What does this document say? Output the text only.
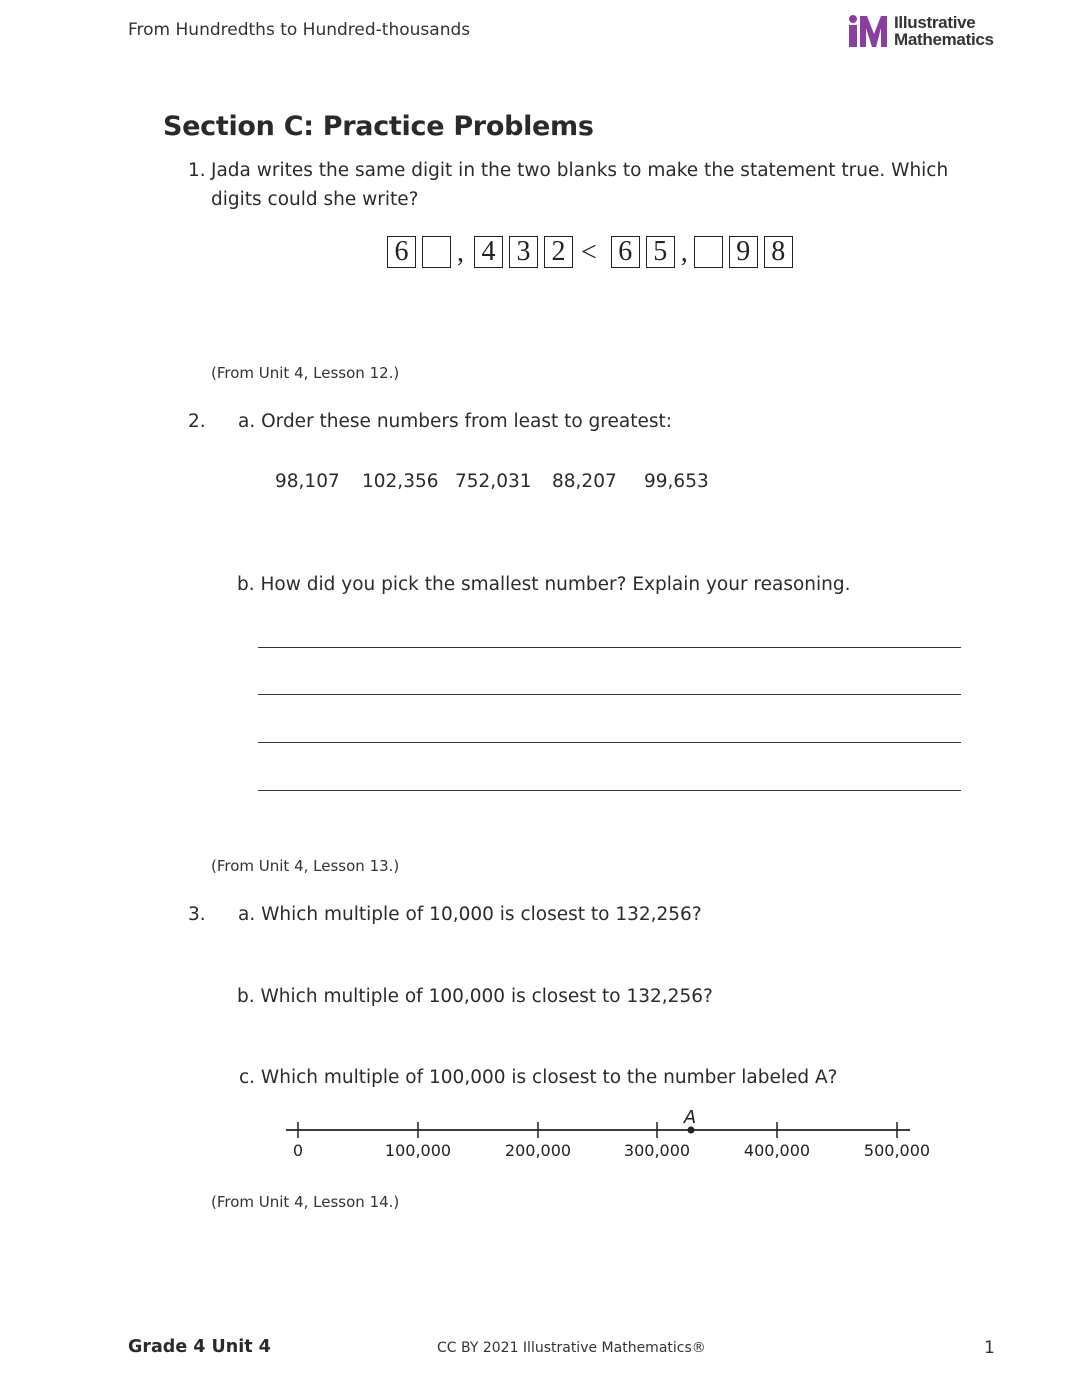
From Hundredths to Hundred-thousands	Illustrative
Mathematics
Section C: Practice Problems
1. Jada writes the same digit in the two blanks to make the statement true. Which
digits could she write?
6 , 4 3 2 < 6 5 , 9 8
(From Unit 4, Lesson 12.)
2. a. Order these numbers from least to greatest:
98,107 102,356 752,031 88,207 99,653
b. How did you pick the smallest number? Explain your reasoning.
(From Unit 4, Lesson 13.)
3. a. Which multiple of 10,000 is closest to 132,256?
b. Which multiple of 100,000 is closest to 132,256?
c. Which multiple of 100,000 is closest to the number labeled A?
0	100,000	200,000	300,000	400,000	500,000
A
(From Unit 4, Lesson 14.)
Grade 4 Unit 4	CC BY 2021 Illustrative Mathematics®	1
